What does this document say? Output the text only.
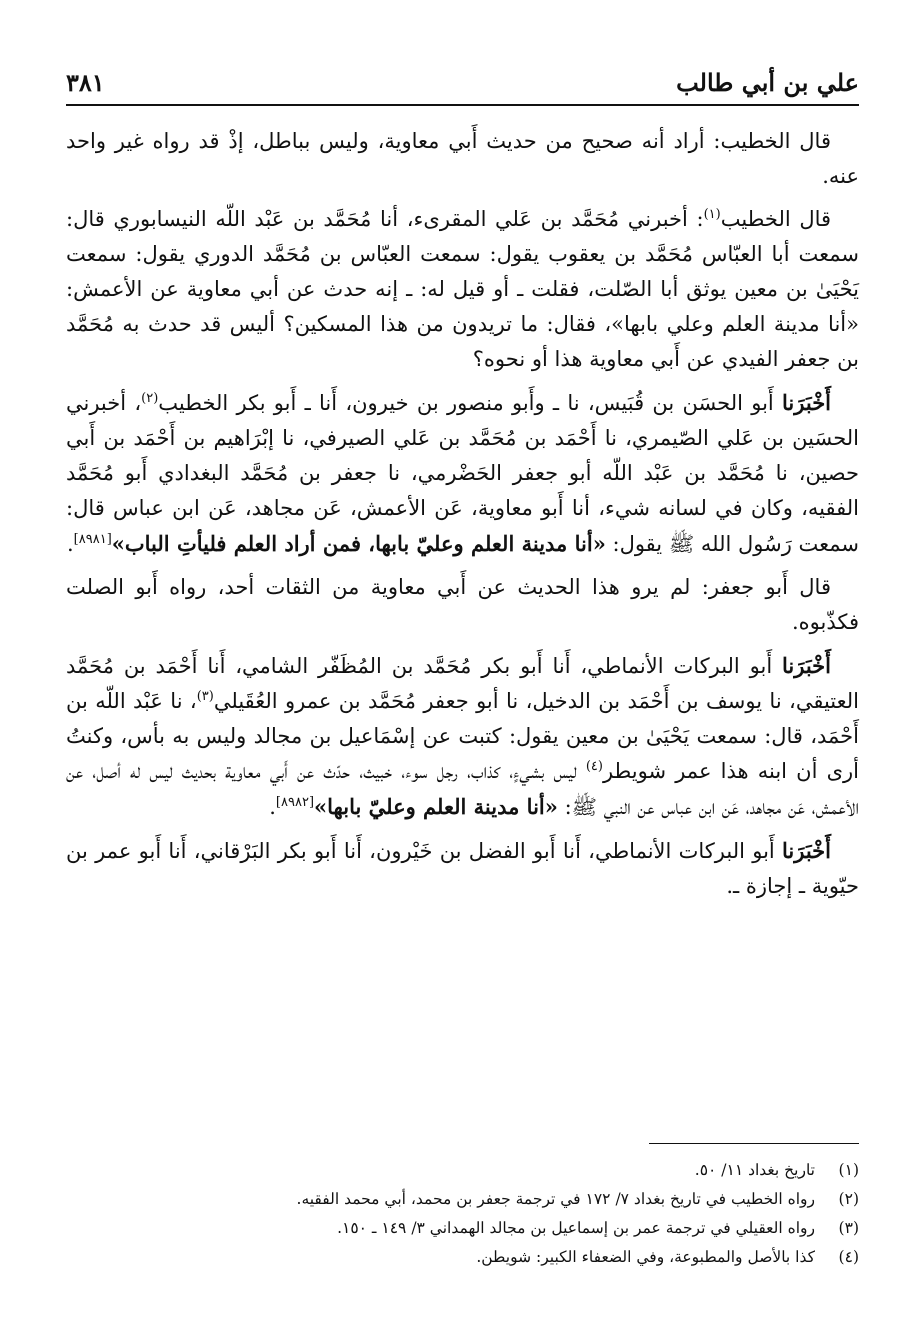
علي بن أبي طالب
٣٨١

قال الخطيب: أراد أنه صحيح من حديث أَبي معاوية، وليس بباطل، إذْ قد رواه غير واحد عنه.

قال الخطيب$^{(١)}$: أخبرني مُحَمَّد بن عَلي المقرىء، أنا مُحَمَّد بن عَبْد اللّه النيسابوري قال: سمعت أبا العبّاس مُحَمَّد بن يعقوب يقول: سمعت العبّاس بن مُحَمَّد الدوري يقول: سمعت يَحْيَىٰ بن معين يوثق أبا الصّلت، فقلت ـ أو قيل له: ـ إنه حدث عن أبي معاوية عن الأعمش: «أنا مدينة العلم وعلي بابها»، فقال: ما تريدون من هذا المسكين؟ أليس قد حدث به مُحَمَّد بن جعفر الفيدي عن أَبي معاوية هذا أو نحوه؟

أَخْبَرَنا أَبو الحسَن بن قُبَيس، نا ـ وأَبو منصور بن خيرون، أَنا ـ أَبو بكر الخطيب$^{(٢)}$، أخبرني الحسَين بن عَلي الصّيمري، نا أَحْمَد بن مُحَمَّد بن عَلي الصيرفي، نا إبْرَاهيم بن أَحْمَد بن أَبي حصين، نا مُحَمَّد بن عَبْد اللّه أبو جعفر الحَضْرمي، نا جعفر بن مُحَمَّد البغدادي أَبو مُحَمَّد الفقيه، وكان في لسانه شيء، أنا أَبو معاوية، عَن الأعمش، عَن مجاهد، عَن ابن عباس قال: سمعت رَسُول الله ﷺ يقول: «أنا مدينة العلم وعليّ بابها، فمن أراد العلم فليأتِ الباب»[٨٩٨١].

قال أَبو جعفر: لم يرو هذا الحديث عن أَبي معاوية من الثقات أحد، رواه أَبو الصلت فكذّبوه.

أَخْبَرَنا أَبو البركات الأنماطي، أَنا أَبو بكر مُحَمَّد بن المُظَفّر الشامي، أَنا أَحْمَد بن مُحَمَّد العتيقي، نا يوسف بن أَحْمَد بن الدخيل، نا أبو جعفر مُحَمَّد بن عمرو العُقَيلي$^{(٣)}$، نا عَبْد اللّه بن أَحْمَد، قال: سمعت يَحْيَىٰ بن معين يقول: كتبت عن إسْمَاعيل بن مجالد وليس به بأس، وكنتُ أرى أن ابنه هذا عمر شويطر$^{(٤)}$ ليس بشيءٍ، كذاب، رجل سوء، خبيث، حدّث عن أَبي معاوية بحديث ليس له أصل، عن الأعمش، عَن مجاهد، عَن ابن عباس عن النبي ﷺ: «أنا مدينة العلم وعليّ بابها»[٨٩٨٢].

أَخْبَرَنا أَبو البركات الأنماطي، أَنا أَبو الفضل بن خَيْرون، أَنا أَبو بكر البَرْقاني، أَنا أَبو عمر بن حيّوية ـ إجازة ـ.

(١)
تاريخ بغداد ١١/ ٥٠.
(٢)
رواه الخطيب في تاريخ بغداد ٧/ ١٧٢ في ترجمة جعفر بن محمد، أبي محمد الفقيه.
(٣)
رواه العقيلي في ترجمة عمر بن إسماعيل بن مجالد الهمداني ٣/ ١٤٩ ـ ١٥٠.
(٤)
كذا بالأصل والمطبوعة، وفي الضعفاء الكبير: شويطن.
